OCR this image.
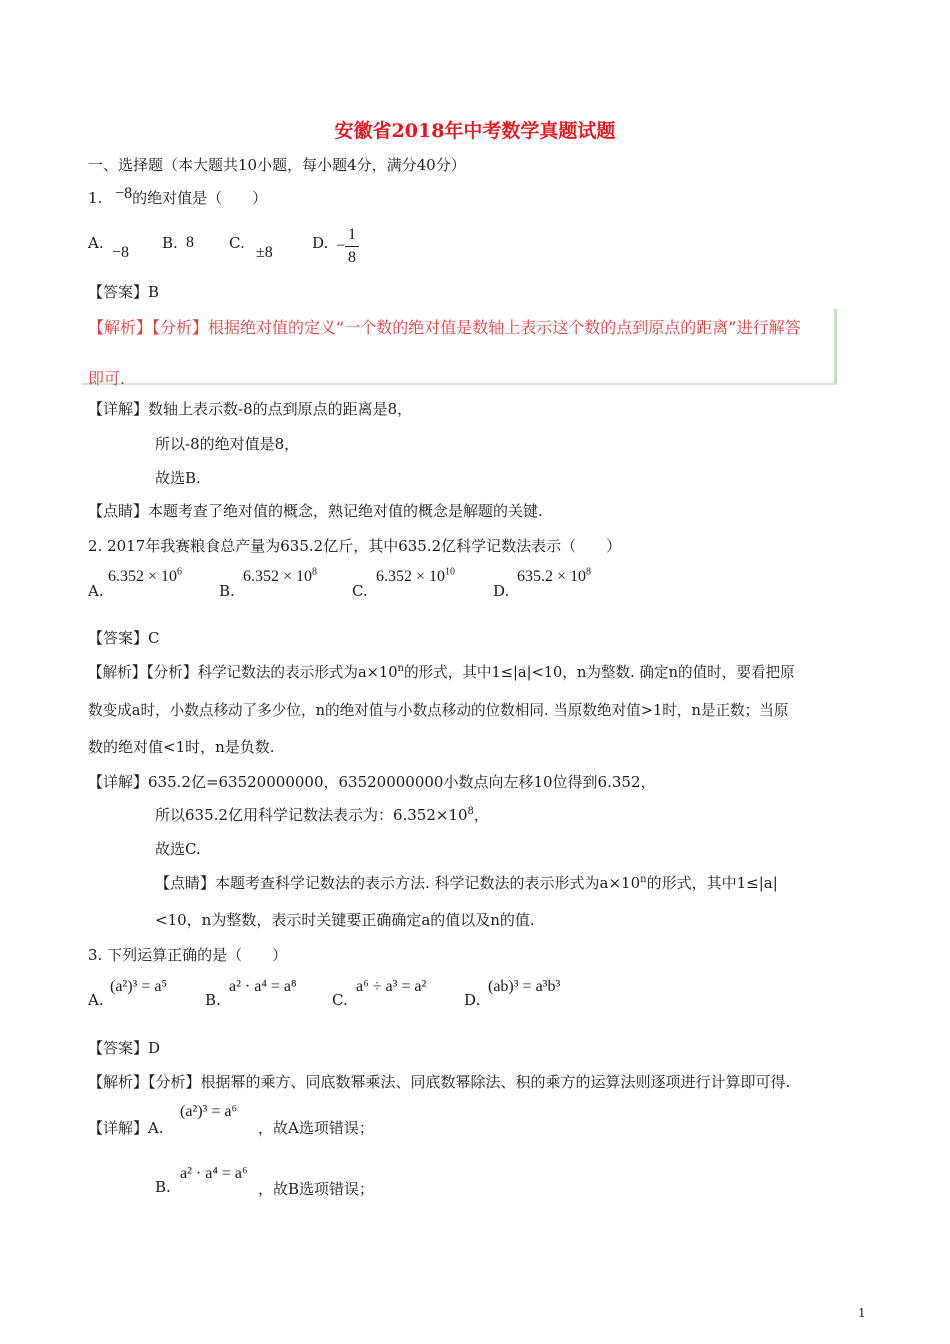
安徽省2018年中考数学真题试题
一、选择题（本大题共10小题，每小题4分，满分40分）
1. −8的绝对值是（　　）
A.
−8
B. 8 C.
±8
D. − $\frac{1}{8}$
【答案】B
【解析】【分析】根据绝对值的定义“一个数的绝对值是数轴上表示这个数的点到原点的距离”进行解答
即可.
【详解】数轴上表示数-8的点到原点的距离是8，
所以-8的绝对值是8，
故选B.
【点睛】本题考查了绝对值的概念，熟记绝对值的概念是解题的关键.
2. 2017年我赛粮食总产量为635.2亿斤，其中635.2亿科学记数法表示（　　）
A.
$6.352 \times 10^6$
B.
$6.352 \times 10^8$
C.
$6.352 \times 10^{10}$
D.
$635.2 \times 10^8$
【答案】C
【解析】【分析】科学记数法的表示形式为$a\times 10^n$的形式，其中1≤|a|<10，n为整数. 确定n的值时，要看把原
数变成a时，小数点移动了多少位，n的绝对值与小数点移动的位数相同. 当原数绝对值>1时，n是正数；当原
数的绝对值<1时，n是负数.
【详解】635.2亿=63520000000，63520000000小数点向左移10位得到6.352，
所以635.2亿用科学记数法表示为：$6.352\times 10^8$，
故选C.
【点睛】本题考查科学记数法的表示方法. 科学记数法的表示形式为$a\times 10^n$的形式，其中1≤|a|
<10，n为整数，表示时关键要正确确定a的值以及n的值.
3. 下列运算正确的是（　　）
A.
(a²)³ = a⁵
B.
a² · a⁴ = a⁸
C.
a⁶ ÷ a³ = a²
D.
(ab)³ = a³b³
【答案】D
【解析】【分析】根据幂的乘方、同底数幂乘法、同底数幂除法、积的乘方的运算法则逐项进行计算即可得.
【详解】A.
(a²)³ = a⁶
，故A选项错误；
B.
a² · a⁴ = a⁶
，故B选项错误；
1
